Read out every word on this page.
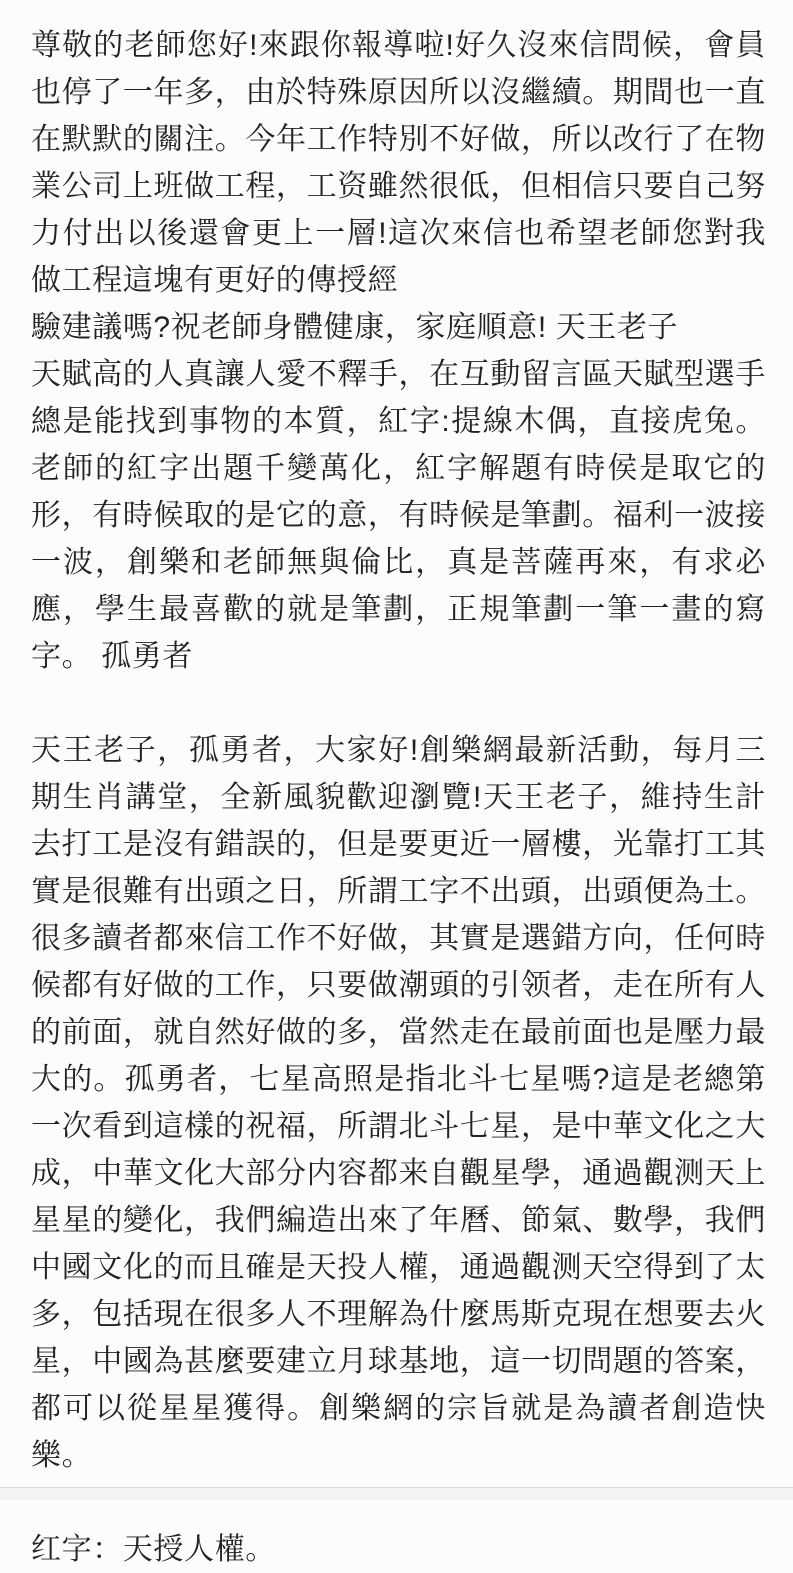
尊敬的老師您好!來跟你報導啦!好久沒來信問候，會員也停了一年多，由於特殊原因所以沒繼續。期間也一直在默默的關注。今年工作特別不好做，所以改行了在物業公司上班做工程，工资雖然很低，但相信只要自己努力付出以後還會更上一層!這次來信也希望老師您對我做工程這塊有更好的傳授經

驗建議嗎?祝老師身體健康，家庭順意! 天王老子

天賦高的人真讓人愛不釋手，在互動留言區天賦型選手總是能找到事物的本質，紅字:提線木偶，直接虎兔。老師的紅字出題千變萬化，紅字解題有時侯是取它的形，有時候取的是它的意，有時候是筆劃。福利一波接一波，創樂和老師無與倫比，真是菩薩再來，有求必應，學生最喜歡的就是筆劃，正規筆劃一筆一畫的寫字。 孤勇者

天王老子，孤勇者，大家好!創樂網最新活動，每月三期生肖講堂，全新風貌歡迎瀏覽!天王老子，維持生計去打工是沒有錯誤的，但是要更近一層樓，光靠打工其實是很難有出頭之日，所謂工字不出頭，出頭便為土。很多讀者都來信工作不好做，其實是選錯方向，任何時候都有好做的工作，只要做潮頭的引领者，走在所有人的前面，就自然好做的多，當然走在最前面也是壓力最大的。孤勇者，七星高照是指北斗七星嗎?這是老總第一次看到這樣的祝福，所謂北斗七星，是中華文化之大成，中華文化大部分内容都来自觀星學，通過觀测天上星星的變化，我們編造出來了年曆、節氣、數學，我們中國文化的而且確是天投人權，通過觀测天空得到了太多，包括現在很多人不理解為什麼馬斯克現在想要去火星，中國為甚麼要建立月球基地，這一切問題的答案，都可以從星星獲得。創樂網的宗旨就是為讀者創造快樂。

红字：天授人權。
